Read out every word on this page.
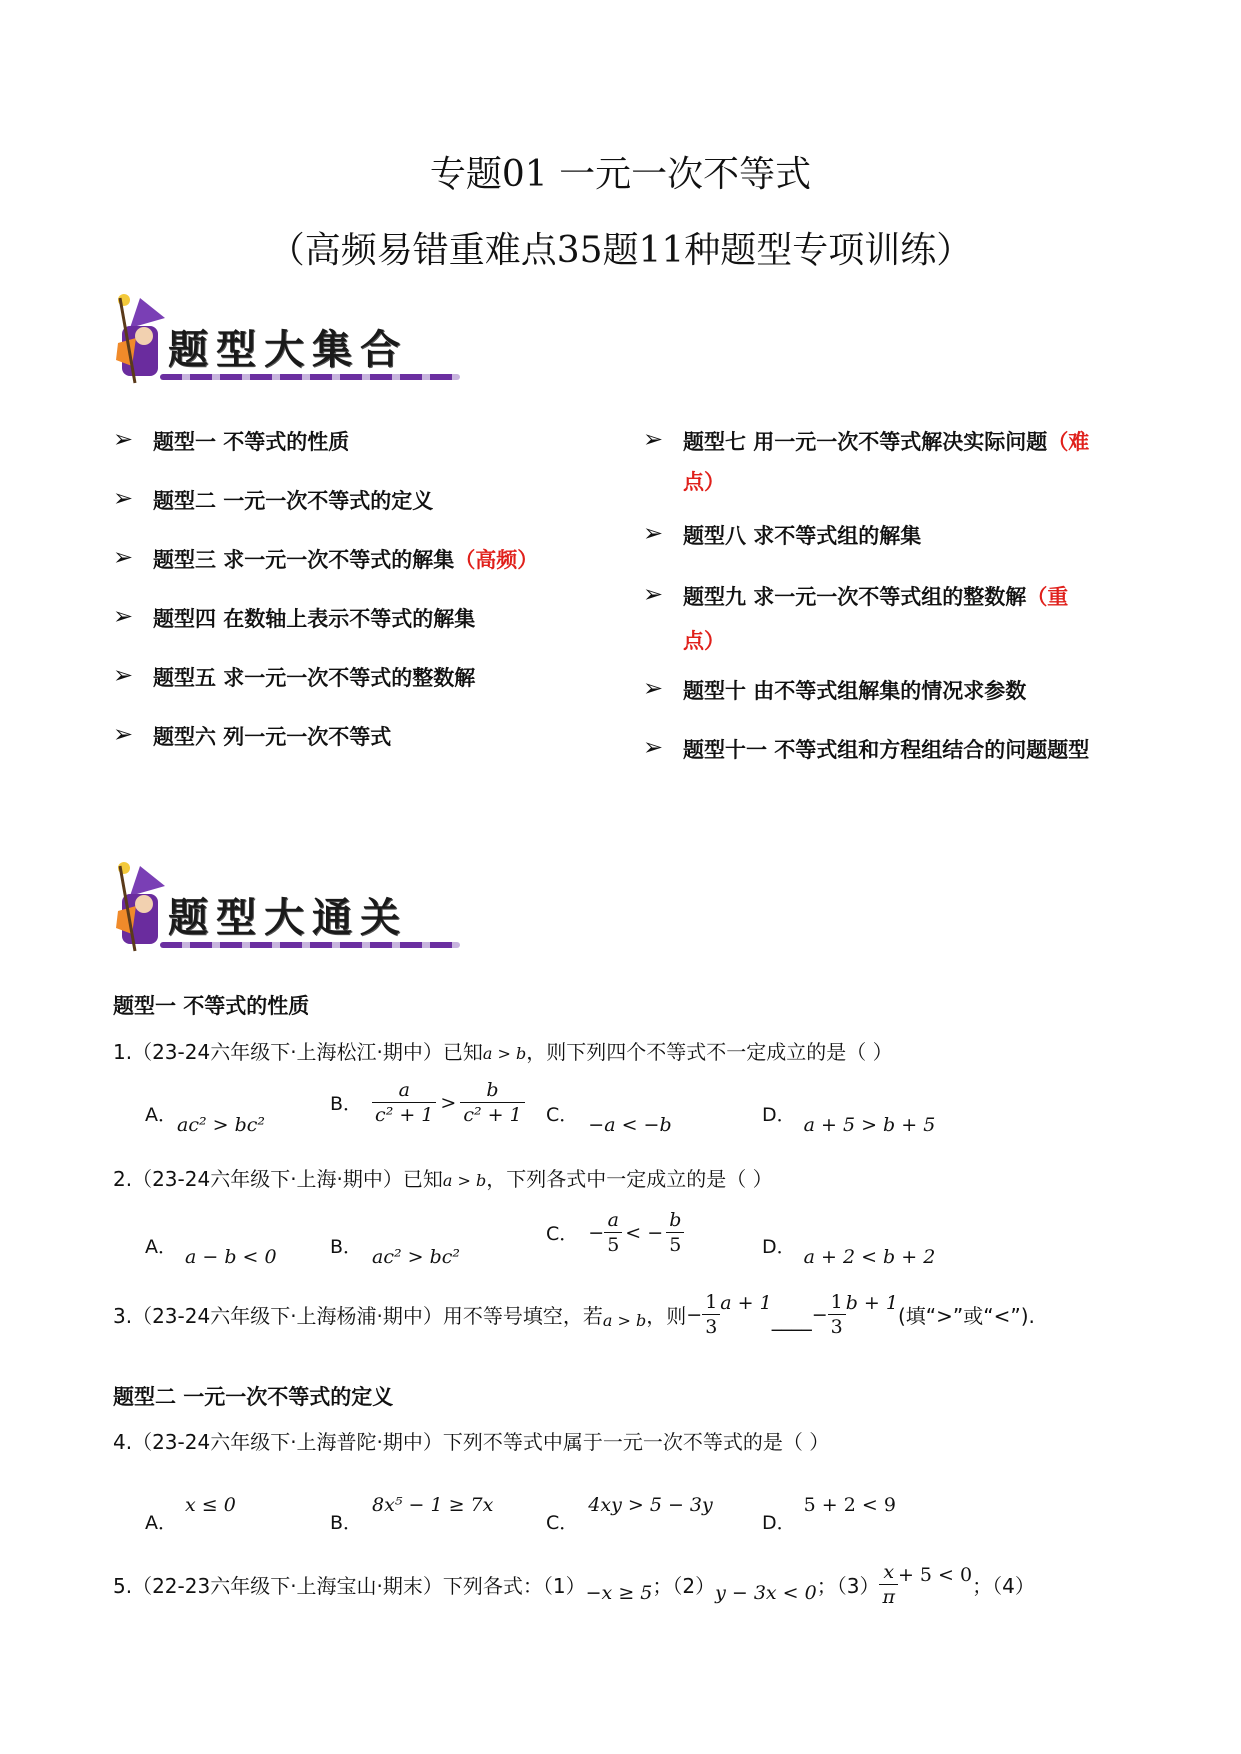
专题01 一元一次不等式
（高频易错重难点35题11种题型专项训练）
题型大集合
➢ 题型一 不等式的性质
➢ 题型二 一元一次不等式的定义
➢ 题型三 求一元一次不等式的解集 （高频）
➢ 题型四 在数轴上表示不等式的解集
➢ 题型五 求一元一次不等式的整数解
➢ 题型六 列一元一次不等式
➢ 题型七 用一元一次不等式解决实际问题 （难
点）
➢ 题型八 求不等式组的解集
➢ 题型九 求一元一次不等式组的整数解 （重
点）
➢ 题型十 由不等式组解集的情况求参数
➢ 题型十一 不等式组和方程组结合的问题题型
题型大通关
题型一 不等式的性质
1.（23-24六年级下·上海松江·期中）已知a > b，则下列四个不等式不一定成立的是（ ）
A．ac² > bc²
B． $\frac{a}{\text{c² + 1}} > \frac{b}{\text{c² + 1}}$ C． −a < −b	D． a + 5 > b + 5
2.（23-24六年级下·上海·期中）已知a > b，下列各式中一定成立的是（ ）
A． a − b < 0	B． ac² > bc²
C． − $\frac{a}{5}$ < − $\frac{b}{5}$	D． a + 2 < b + 2
3.（23-24六年级下·上海杨浦·期中）用不等号填空，若 a > b ，则 − $\frac{1}{3}$ a + 1
____ − $\frac{1}{3}$ b + 1
(填“>”或“<”).
题型二 一元一次不等式的定义
4.（23-24六年级下·上海普陀·期中）下列不等式中属于一元一次不等式的是（ ）
A．x ≤ 0
B．8x⁵ − 1 ≥ 7x
C．4xy > 5 − 3y
D．5 + 2 < 9
5.（22-23六年级下·上海宝山·期末）下列各式：（1） −x ≥ 5 ；（2） y − 3x < 0 ；$(3) \frac{x}{\pi} + 5 < 0$ ；（4）
